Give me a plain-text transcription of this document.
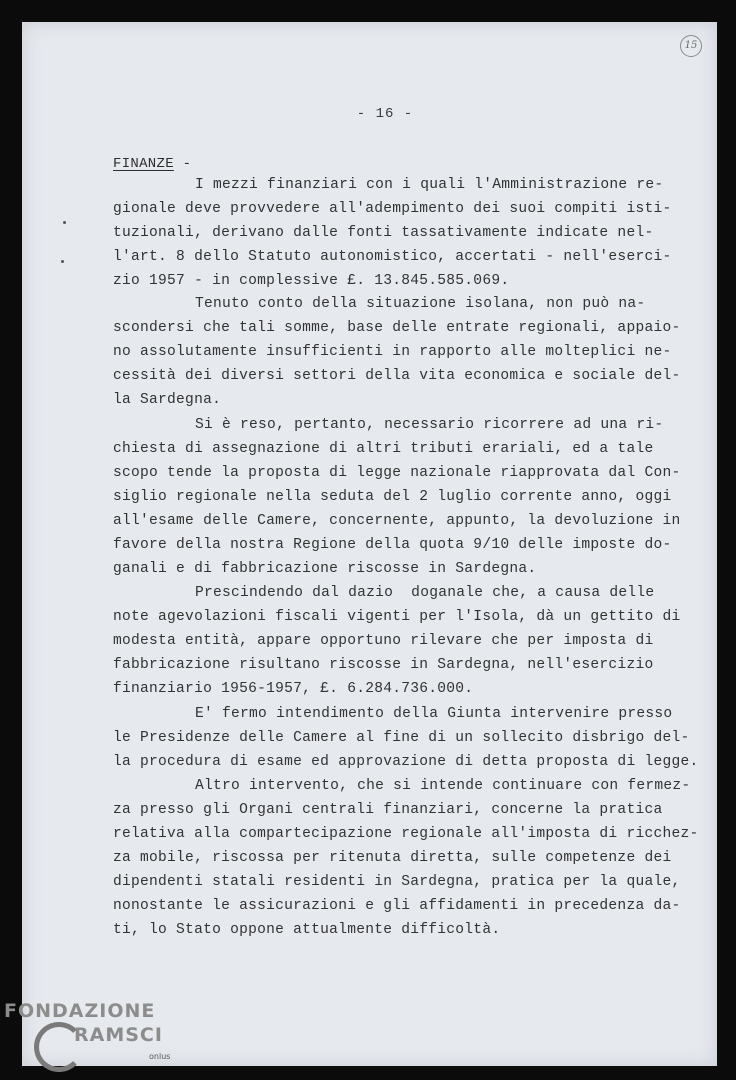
15
- 16 -
FINANZE -
I mezzi finanziari con i quali l'Amministrazione re-
gionale deve provvedere all'adempimento dei suoi compiti isti-
tuzionali, derivano dalle fonti tassativamente indicate nel-
l'art. 8 dello Statuto autonomistico, accertati - nell'eserci-
zio 1957 - in complessive £. 13.845.585.069.
Tenuto conto della situazione isolana, non può na-
scondersi che tali somme, base delle entrate regionali, appaio-
no assolutamente insufficienti in rapporto alle molteplici ne-
cessità dei diversi settori della vita economica e sociale del-
la Sardegna.
Si è reso, pertanto, necessario ricorrere ad una ri-
chiesta di assegnazione di altri tributi erariali, ed a tale
scopo tende la proposta di legge nazionale riapprovata dal Con-
siglio regionale nella seduta del 2 luglio corrente anno, oggi
all'esame delle Camere, concernente, appunto, la devoluzione in
favore della nostra Regione della quota 9/10 delle imposte do-
ganali e di fabbricazione riscosse in Sardegna.
Prescindendo dal dazio  doganale che, a causa delle
note agevolazioni fiscali vigenti per l'Isola, dà un gettito di
modesta entità, appare opportuno rilevare che per imposta di
fabbricazione risultano riscosse in Sardegna, nell'esercizio
finanziario 1956-1957, £. 6.284.736.000.
E' fermo intendimento della Giunta intervenire presso
le Presidenze delle Camere al fine di un sollecito disbrigo del-
la procedura di esame ed approvazione di detta proposta di legge.
Altro intervento, che si intende continuare con fermez-
za presso gli Organi centrali finanziari, concerne la pratica
relativa alla compartecipazione regionale all'imposta di ricchez-
za mobile, riscossa per ritenuta diretta, sulle competenze dei
dipendenti statali residenti in Sardegna, pratica per la quale,
nonostante le assicurazioni e gli affidamenti in precedenza da-
ti, lo Stato oppone attualmente difficoltà.
FONDAZIONE
RAMSCI
onlus
